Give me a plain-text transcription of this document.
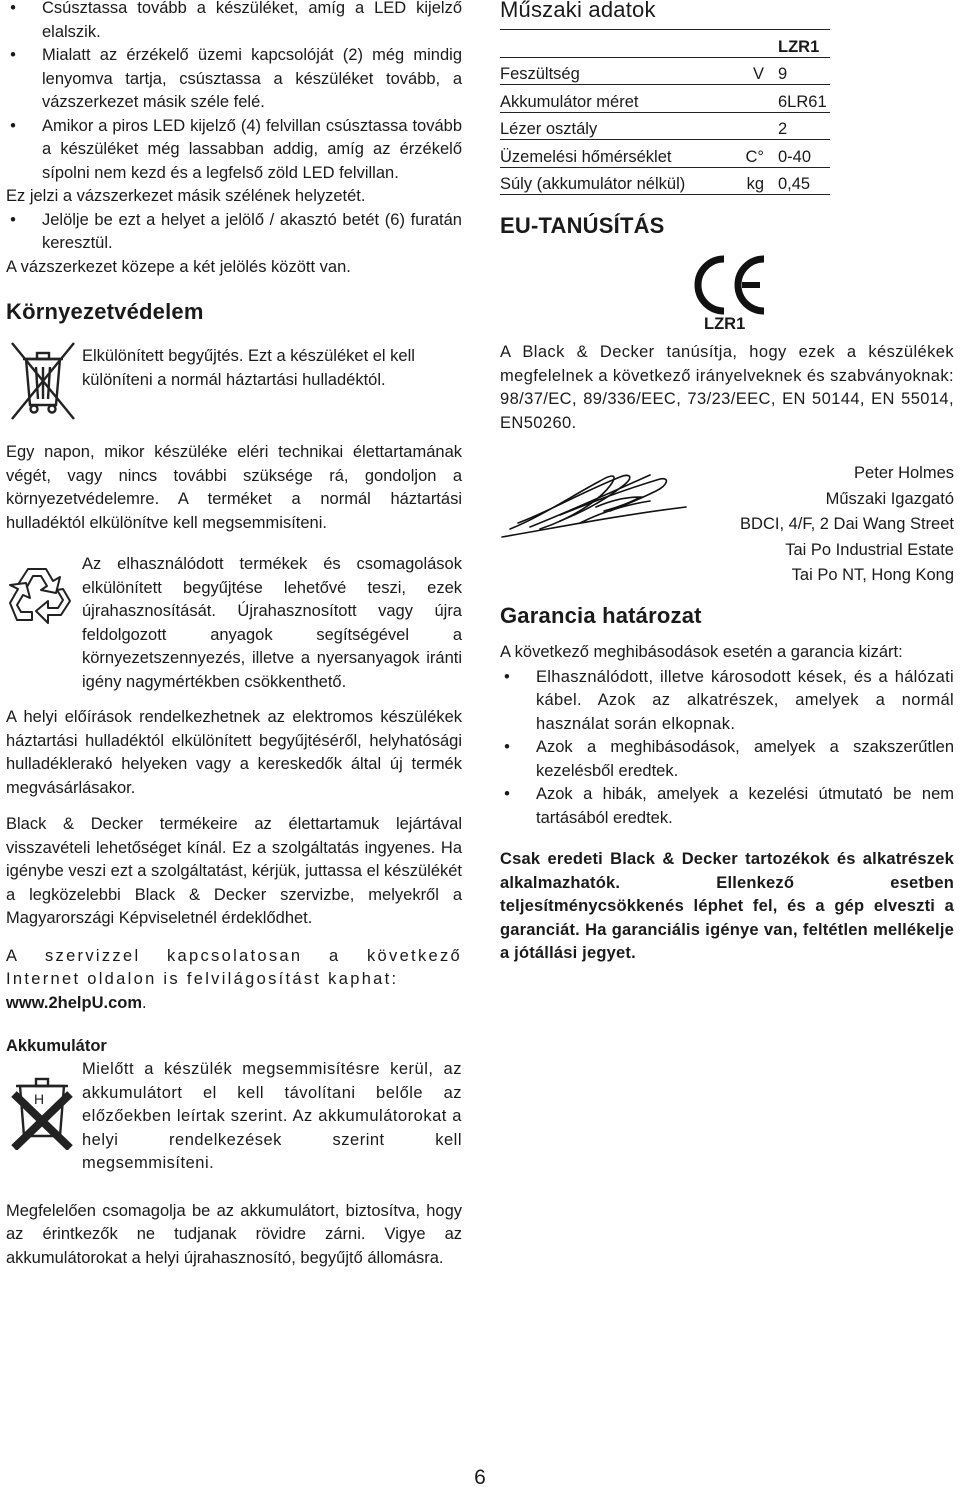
• Csúsztassa tovább a készüléket, amíg a LED kijelző elalszik.
• Mialatt az érzékelő üzemi kapcsolóját (2) még mindig lenyomva tartja, csúsztassa a készüléket tovább, a vázszerkezet másik széle felé.
• Amikor a piros LED kijelző (4) felvillan csúsztassa tovább a készüléket még lassabban addig, amíg az érzékelő sípolni nem kezd és a legfelső zöld LED felvillan.

Ez jelzi a vázszerkezet másik szélének helyzetét.

• Jelölje be ezt a helyet a jelölő / akasztó betét (6) furatán keresztül.

A vázszerkezet közepe a két jelölés között van.

Környezetvédelem

Elkülönített begyűjtés. Ezt a készüléket el kell különíteni a normál háztartási hulladéktól.

Egy napon, mikor készüléke eléri technikai élettartamának végét, vagy nincs további szüksége rá, gondoljon a környezetvédelemre. A terméket a normál háztartási hulladéktól elkülönítve kell megsemmisíteni.

Az elhasználódott termékek és csomagolások elkülönített begyűjtése lehetővé teszi, ezek újrahasznosítását. Újrahasznosított vagy újra feldolgozott anyagok segítségével a környezetszennyezés, illetve a nyersanyagok iránti igény nagymértékben csökkenthető.

A helyi előírások rendelkezhetnek az elektromos készülékek háztartási hulladéktól elkülönített begyűjtéséről, helyhatósági hulladéklerakó helyeken vagy a kereskedők által új termék megvásárlásakor.

Black & Decker termékeire az élettartamuk lejártával visszavételi lehetőséget kínál. Ez a szolgáltatás ingyenes. Ha igénybe veszi ezt a szolgáltatást, kérjük, juttassa el készülékét a legközelebbi Black & Decker szervizbe, melyekről a Magyarországi Képviseletnél érdeklődhet.

A szervizzel kapcsolatosan a következő Internet oldalon is felvilágosítást kaphat:

www.2helpU.com.

Akkumulátor
H

Mielőtt a készülék megsemmisítésre kerül, az akkumulátort el kell távolítani belőle az előzőekben leírtak szerint. Az akkumulátorokat a helyi rendelkezések szerint kell megsemmisíteni.

Megfelelően csomagolja be az akkumulátort, biztosítva, hogy az érintkezők ne tudjanak rövidre zárni. Vigye az akkumulátorokat a helyi újrahasznosító, begyűjtő állomásra.

Műszaki adatok
		LZR1
Feszültség	V	9
Akkumulátor méret		6LR61
Lézer osztály		2
Üzemelési hőmérséklet	C°	0-40
Súly (akkumulátor nélkül)	kg	0,45
EU-TANÚSÍTÁS
LZR1

A Black & Decker tanúsítja, hogy ezek a készülékek megfelelnek a következő irányelveknek és szabványoknak: 98/37/EC, 89/336/EEC, 73/23/EEC, EN 50144, EN 55014, EN50260.

Peter Holmes

Műszaki Igazgató

BDCI, 4/F, 2 Dai Wang Street

Tai Po Industrial Estate

Tai Po NT, Hong Kong

Garancia határozat

A következő meghibásodások esetén a garancia kizárt:

• Elhasználódott, illetve károsodott kések, és a hálózati kábel. Azok az alkatrészek, amelyek a normál használat során elkopnak.
• Azok a meghibásodások, amelyek a szakszerűtlen kezelésből eredtek.
• Azok a hibák, amelyek a kezelési útmutató be nem tartásából eredtek.

Csak eredeti Black & Decker tartozékok és alkatrészek alkalmazhatók. Ellenkező esetben teljesítménycsökkenés léphet fel, és a gép elveszti a garanciát. Ha garanciális igénye van, feltétlen mellékelje a jótállási jegyet.

6
